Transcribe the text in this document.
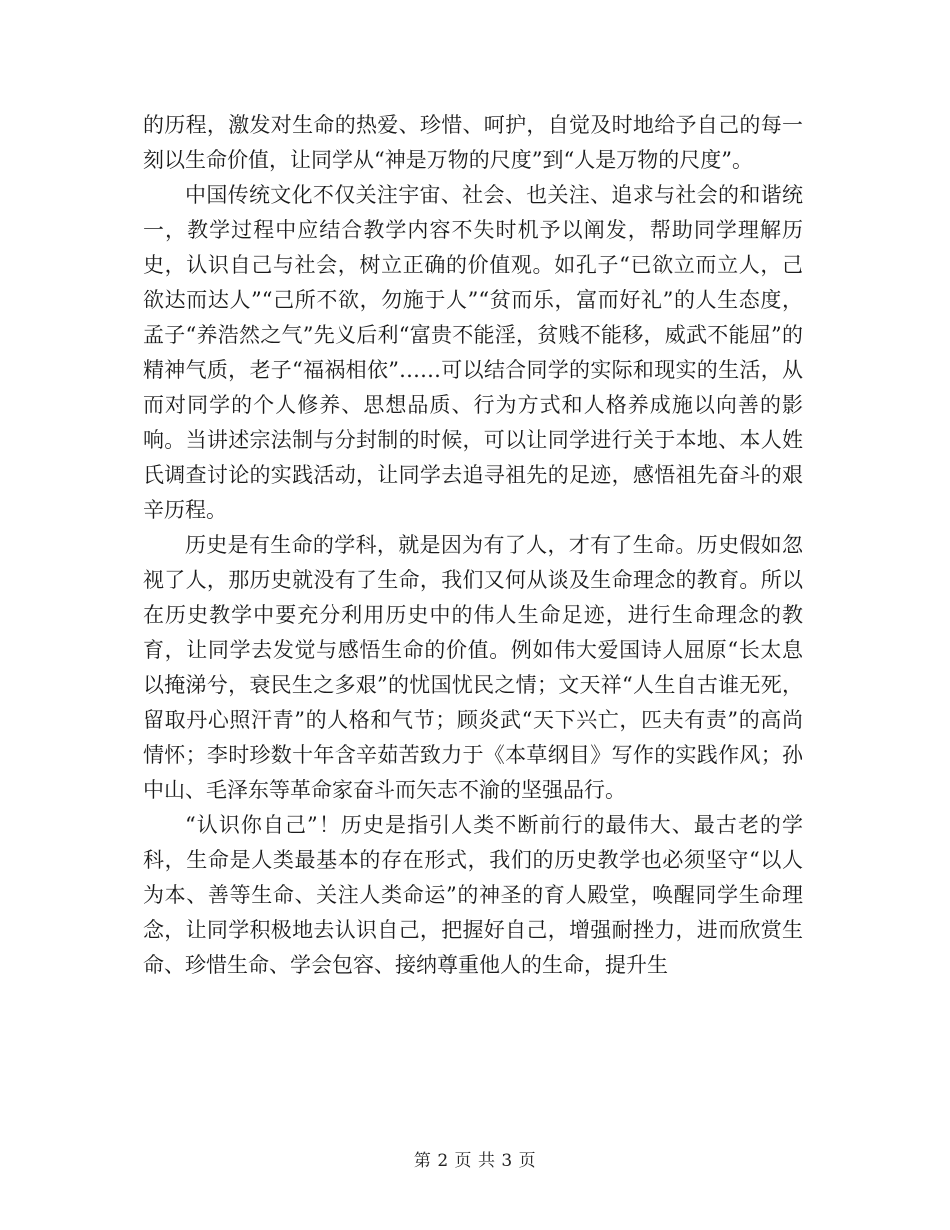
的历程，激发对生命的热爱、珍惜、呵护，自觉及时地给予自己的每一刻以生命价值，让同学从“神是万物的尺度”到“人是万物的尺度”。

中国传统文化不仅关注宇宙、社会、也关注、追求与社会的和谐统一，教学过程中应结合教学内容不失时机予以阐发，帮助同学理解历史，认识自己与社会，树立正确的价值观。如孔子“已欲立而立人，己欲达而达人”“己所不欲，勿施于人”“贫而乐，富而好礼”的人生态度，孟子“养浩然之气”先义后利“富贵不能淫，贫贱不能移，威武不能屈”的精神气质，老子“福祸相依”……可以结合同学的实际和现实的生活，从而对同学的个人修养、思想品质、行为方式和人格养成施以向善的影响。当讲述宗法制与分封制的时候，可以让同学进行关于本地、本人姓氏调查讨论的实践活动，让同学去追寻祖先的足迹，感悟祖先奋斗的艰辛历程。

历史是有生命的学科，就是因为有了人，才有了生命。历史假如忽视了人，那历史就没有了生命，我们又何从谈及生命理念的教育。所以在历史教学中要充分利用历史中的伟人生命足迹，进行生命理念的教育，让同学去发觉与感悟生命的价值。例如伟大爱国诗人屈原“长太息以掩涕兮，衰民生之多艰”的忧国忧民之情；文天祥“人生自古谁无死，留取丹心照汗青”的人格和气节；顾炎武“天下兴亡，匹夫有责”的高尚情怀；李时珍数十年含辛茹苦致力于《本草纲目》写作的实践作风；孙中山、毛泽东等革命家奋斗而矢志不渝的坚强品行。

“认识你自己”！历史是指引人类不断前行的最伟大、最古老的学科，生命是人类最基本的存在形式，我们的历史教学也必须坚守“以人为本、善等生命、关注人类命运”的神圣的育人殿堂，唤醒同学生命理念，让同学积极地去认识自己，把握好自己，增强耐挫力，进而欣赏生命、珍惜生命、学会包容、接纳尊重他人的生命，提升生

第 2 页 共 3 页
